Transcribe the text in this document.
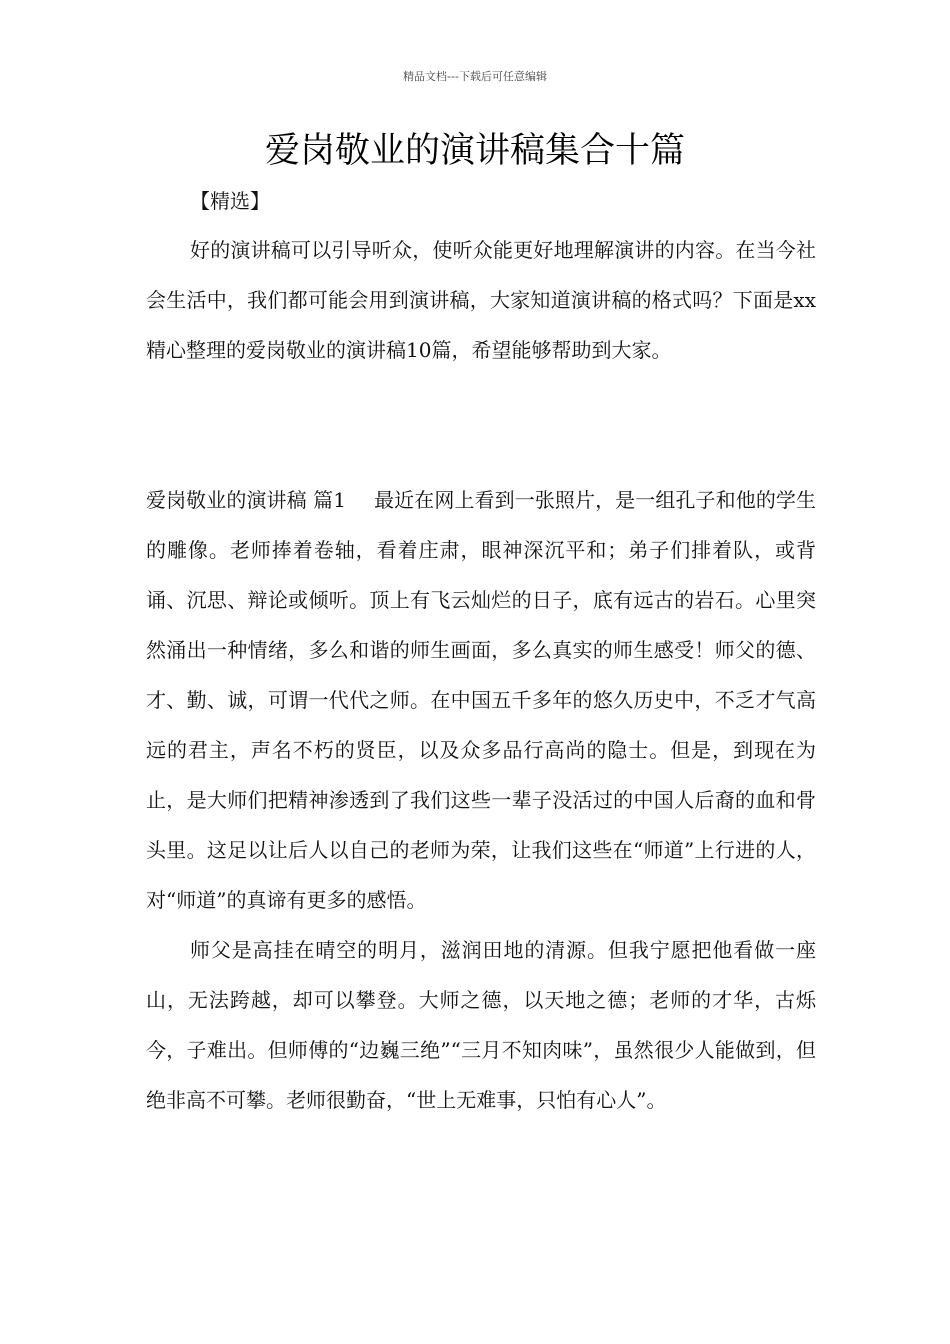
精品文档---下载后可任意编辑
爱岗敬业的演讲稿集合十篇
【精选】

好的演讲稿可以引导听众，使听众能更好地理解演讲的内容。在当今社会生活中，我们都可能会用到演讲稿，大家知道演讲稿的格式吗？下面是xx精心整理的爱岗敬业的演讲稿10篇，希望能够帮助到大家。

爱岗敬业的演讲稿 篇1 最近在网上看到一张照片，是一组孔子和他的学生的雕像。老师捧着卷轴，看着庄肃，眼神深沉平和；弟子们排着队，或背诵、沉思、辩论或倾听。顶上有飞云灿烂的日子，底有远古的岩石。心里突然涌出一种情绪，多么和谐的师生画面，多么真实的师生感受！师父的德、才、勤、诚，可谓一代代之师。在中国五千多年的悠久历史中，不乏才气高远的君主，声名不朽的贤臣，以及众多品行高尚的隐士。但是，到现在为止，是大师们把精神渗透到了我们这些一辈子没活过的中国人后裔的血和骨头里。这足以让后人以自己的老师为荣，让我们这些在“师道”上行进的人，对“师道”的真谛有更多的感悟。

师父是高挂在晴空的明月，滋润田地的清源。但我宁愿把他看做一座山，无法跨越，却可以攀登。大师之德，以天地之德；老师的才华，古烁今，子难出。但师傅的“边巍三绝”“三月不知肉味”，虽然很少人能做到，但绝非高不可攀。老师很勤奋，“世上无难事，只怕有心人”。
